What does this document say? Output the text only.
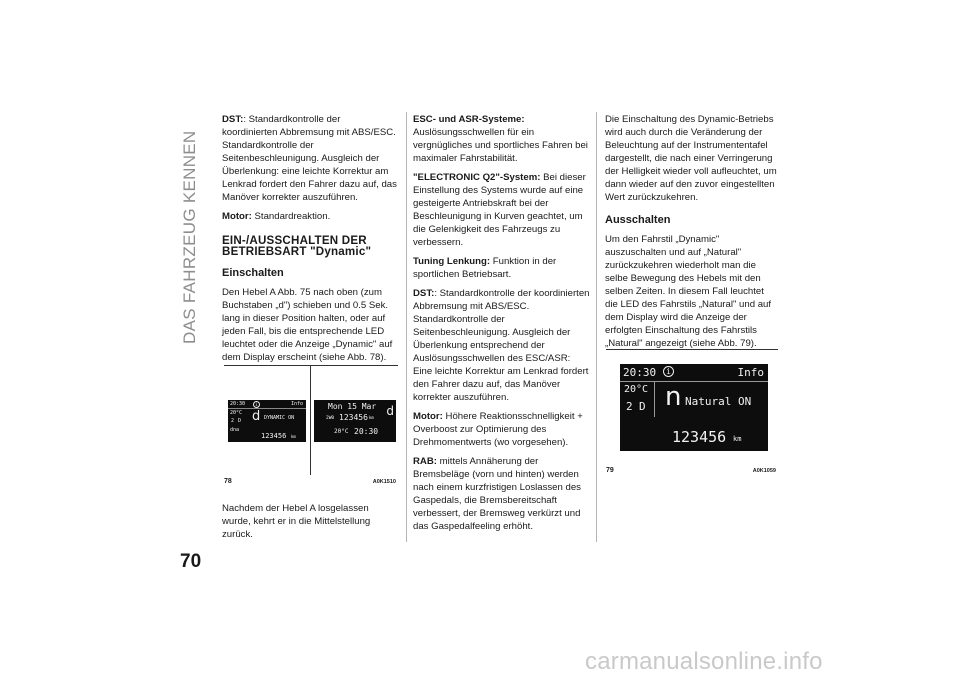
DAS FAHRZEUG KENNEN

DST:: Standardkontrolle der koordinierten Abbremsung mit ABS/ESC. Standardkontrolle der Seitenbeschleunigung. Ausgleich der Überlenkung: eine leichte Korrektur am Lenkrad fordert den Fahrer dazu auf, das Manöver korrekter auszuführen.

Motor: Standardreaktion.

EIN-/AUSSCHALTEN DER
BETRIEBSART "Dynamic"
Einschalten

Den Hebel A Abb. 75 nach oben (zum Buchstaben „d") schieben und 0.5 Sek. lang in dieser Position halten, oder auf jeden Fall, bis die entsprechende LED leuchtet oder die Anzeige „Dynamic" auf dem Display erscheint (siehe Abb. 78).

20:30	i	Info
20°C
2 D
dna
d DYNAMIC ON
123456 km
Mon 15 Mar
2W0 123456 km
20°C 20:30
d
78	A0K1510

Nachdem der Hebel A losgelassen wurde, kehrt er in die Mittelstellung zurück.

ESC- und ASR-Systeme:
Auslösungsschwellen für ein vergnügliches und sportliches Fahren bei maximaler Fahrstabilität.

"ELECTRONIC Q2"-System: Bei dieser Einstellung des Systems wurde auf eine gesteigerte Antriebskraft bei der Beschleunigung in Kurven geachtet, um die Gelenkigkeit des Fahrzeugs zu verbessern.

Tuning Lenkung: Funktion in der sportlichen Betriebsart.

DST:: Standardkontrolle der koordinierten Abbremsung mit ABS/ESC. Standardkontrolle der Seitenbeschleunigung. Ausgleich der Überlenkung entsprechend der Auslösungsschwellen des ESC/ASR: Eine leichte Korrektur am Lenkrad fordert den Fahrer dazu auf, das Manöver korrekter auszuführen.

Motor: Höhere Reaktionsschnelligkeit + Overboost zur Optimierung des Drehmomentwerts (wo vorgesehen).

RAB: mittels Annäherung der Bremsbeläge (vorn und hinten) werden nach einem kurzfristigen Loslassen des Gaspedals, die Bremsbereitschaft verbessert, der Bremsweg verkürzt und das Gaspedalfeeling erhöht.

Die Einschaltung des Dynamic-Betriebs wird auch durch die Veränderung der Beleuchtung auf der Instrumententafel dargestellt, die nach einer Verringerung der Helligkeit wieder voll aufleuchtet, um dann wieder auf den zuvor eingestellten Wert zurückzukehren.

Ausschalten

Um den Fahrstil „Dynamic" auszuschalten und auf „Natural" zurückzukehren wiederholt man die selbe Bewegung des Hebels mit den selben Zeiten. In diesem Fall leuchtet die LED des Fahrstils „Natural" und auf dem Display wird die Anzeige der erfolgten Einschaltung des Fahrstils „Natural" angezeigt (siehe Abb. 79).

20:30	i	Info
20°C
2 D n Natural ON
123456 km
79	A0K1059
70
carmanualsonline.info
